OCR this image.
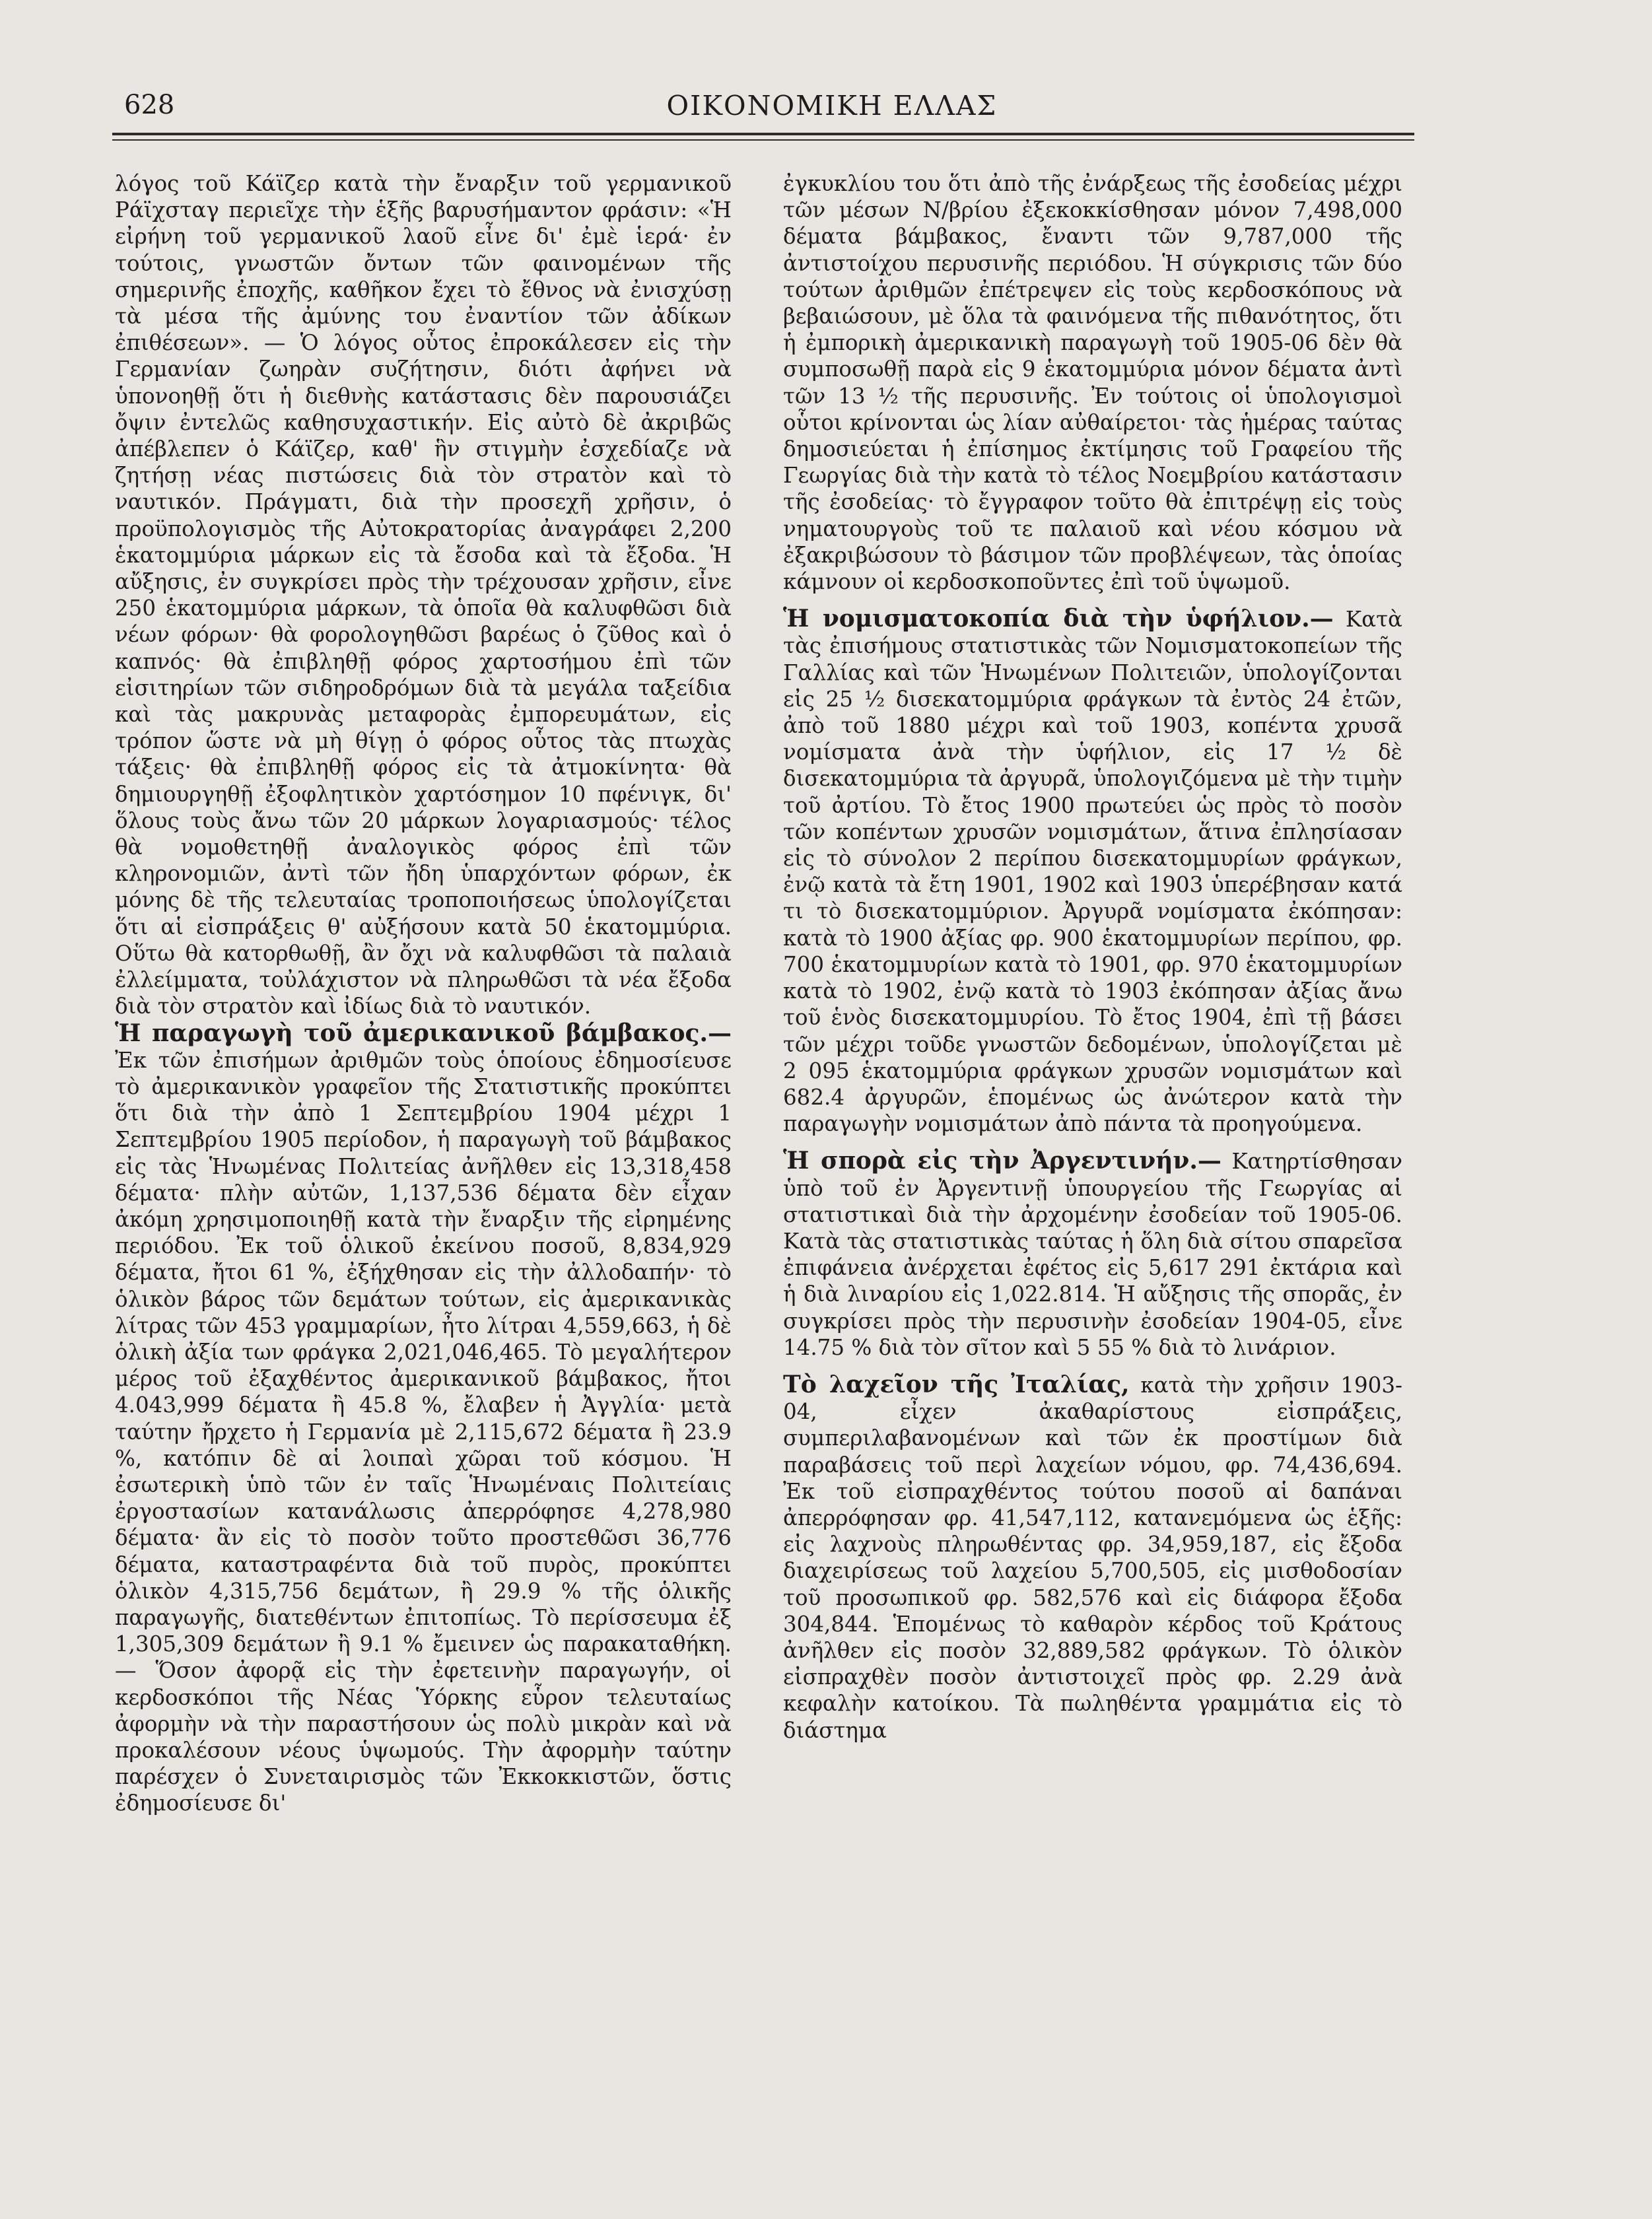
628	ΟΙΚΟΝΟΜΙΚΗ ΕΛΛΑΣ

λόγος τοῦ Κάϊζερ κατὰ τὴν ἔναρξιν τοῦ γερμανικοῦ Ράϊχσταγ περιεῖχε τὴν ἑξῆς βαρυσήμαντον φράσιν: «Ἡ εἰρήνη τοῦ γερμανικοῦ λαοῦ εἶνε δι' ἐμὲ ἱερά· ἐν τούτοις, γνωστῶν ὄντων τῶν φαινομένων τῆς σημερινῆς ἐποχῆς, καθῆκον ἔχει τὸ ἔθνος νὰ ἐνισχύσῃ τὰ μέσα τῆς ἀμύνης του ἐναντίον τῶν ἀδίκων ἐπιθέσεων». — Ὁ λόγος οὗτος ἐπροκάλεσεν εἰς τὴν Γερμανίαν ζωηρὰν συζήτησιν, διότι ἀφήνει νὰ ὑπονοηθῇ ὅτι ἡ διεθνὴς κατάστασις δὲν παρουσιάζει ὄψιν ἐντελῶς καθησυχαστικήν. Εἰς αὐτὸ δὲ ἀκριβῶς ἀπέβλεπεν ὁ Κάϊζερ, καθ' ἣν στιγμὴν ἐσχεδίαζε νὰ ζητήσῃ νέας πιστώσεις διὰ τὸν στρατὸν καὶ τὸ ναυτικόν. Πράγματι, διὰ τὴν προσεχῆ χρῆσιν, ὁ προϋπολογισμὸς τῆς Αὐτοκρατορίας ἀναγράφει 2,200 ἑκατομμύρια μάρκων εἰς τὰ ἔσοδα καὶ τὰ ἔξοδα. Ἡ αὔξησις, ἐν συγκρίσει πρὸς τὴν τρέχουσαν χρῆσιν, εἶνε 250 ἑκατομμύρια μάρκων, τὰ ὁποῖα θὰ καλυφθῶσι διὰ νέων φόρων· θὰ φορολογηθῶσι βαρέως ὁ ζῦθος καὶ ὁ καπνός· θὰ ἐπιβληθῇ φόρος χαρτοσήμου ἐπὶ τῶν εἰσιτηρίων τῶν σιδηροδρόμων διὰ τὰ μεγάλα ταξείδια καὶ τὰς μακρυνὰς μεταφορὰς ἐμπορευμάτων, εἰς τρόπον ὥστε νὰ μὴ θίγῃ ὁ φόρος οὗτος τὰς πτωχὰς τάξεις· θὰ ἐπιβληθῇ φόρος εἰς τὰ ἀτμοκίνητα· θὰ δημιουργηθῇ ἐξοφλητικὸν χαρτόσημον 10 πφένιγκ, δι' ὅλους τοὺς ἄνω τῶν 20 μάρκων λογαριασμούς· τέλος θὰ νομοθετηθῇ ἀναλογικὸς φόρος ἐπὶ τῶν κληρονομιῶν, ἀντὶ τῶν ἤδη ὑπαρχόντων φόρων, ἐκ μόνης δὲ τῆς τελευταίας τροποποιήσεως ὑπολογίζεται ὅτι αἱ εἰσπράξεις θ' αὐξήσουν κατὰ 50 ἑκατομμύρια. Οὕτω θὰ κατορθωθῇ, ἂν ὄχι νὰ καλυφθῶσι τὰ παλαιὰ ἐλλείμματα, τοὐλάχιστον νὰ πληρωθῶσι τὰ νέα ἔξοδα διὰ τὸν στρατὸν καὶ ἰδίως διὰ τὸ ναυτικόν.

Ἡ παραγωγὴ τοῦ ἀμερικανικοῦ βάμβακος.— Ἐκ τῶν ἐπισήμων ἀριθμῶν τοὺς ὁποίους ἐδημοσίευσε τὸ ἀμερικανικὸν γραφεῖον τῆς Στατιστικῆς προκύπτει ὅτι διὰ τὴν ἀπὸ 1 Σεπτεμβρίου 1904 μέχρι 1 Σεπτεμβρίου 1905 περίοδον, ἡ παραγωγὴ τοῦ βάμβακος εἰς τὰς Ἡνωμένας Πολιτείας ἀνῆλθεν εἰς 13,318,458 δέματα· πλὴν αὐτῶν, 1,137,536 δέματα δὲν εἶχαν ἀκόμη χρησιμοποιηθῇ κατὰ τὴν ἔναρξιν τῆς εἰρημένης περιόδου. Ἐκ τοῦ ὁλικοῦ ἐκείνου ποσοῦ, 8,834,929 δέματα, ἤτοι 61 %, ἐξήχθησαν εἰς τὴν ἀλλοδαπήν· τὸ ὁλικὸν βάρος τῶν δεμάτων τούτων, εἰς ἀμερικανικὰς λίτρας τῶν 453 γραμμαρίων, ἦτο λίτραι 4,559,663, ἡ δὲ ὁλικὴ ἀξία των φράγκα 2,021,046,465. Τὸ μεγαλήτερον μέρος τοῦ ἐξαχθέντος ἀμερικανικοῦ βάμβακος, ἤτοι 4.043,999 δέματα ἢ 45.8 %, ἔλαβεν ἡ Ἀγγλία· μετὰ ταύτην ἤρχετο ἡ Γερμανία μὲ 2,115,672 δέματα ἢ 23.9 %, κατόπιν δὲ αἱ λοιπαὶ χῶραι τοῦ κόσμου. Ἡ ἐσωτερικὴ ὑπὸ τῶν ἐν ταῖς Ἡνωμέναις Πολιτείαις ἐργοστασίων κατανάλωσις ἀπερρόφησε 4,278,980 δέματα· ἂν εἰς τὸ ποσὸν τοῦτο προστεθῶσι 36,776 δέματα, καταστραφέντα διὰ τοῦ πυρὸς, προκύπτει ὁλικὸν 4,315,756 δεμάτων, ἢ 29.9 % τῆς ὁλικῆς παραγωγῆς, διατεθέντων ἐπιτοπίως. Τὸ περίσσευμα ἐξ 1,305,309 δεμάτων ἢ 9.1 % ἔμεινεν ὡς παρακαταθήκη.— Ὅσον ἀφορᾷ εἰς τὴν ἐφετεινὴν παραγωγήν, οἱ κερδοσκόποι τῆς Νέας Ὑόρκης εὗρον τελευταίως ἀφορμὴν νὰ τὴν παραστήσουν ὡς πολὺ μικρὰν καὶ νὰ προκαλέσουν νέους ὑψωμούς. Τὴν ἀφορμὴν ταύτην παρέσχεν ὁ Συνεταιρισμὸς τῶν Ἐκκοκκιστῶν, ὅστις ἐδημοσίευσε δι'

ἐγκυκλίου του ὅτι ἀπὸ τῆς ἐνάρξεως τῆς ἐσοδείας μέχρι τῶν μέσων Ν/βρίου ἐξεκοκκίσθησαν μόνον 7,498,000 δέματα βάμβακος, ἔναντι τῶν 9,787,000 τῆς ἀντιστοίχου περυσινῆς περιόδου. Ἡ σύγκρισις τῶν δύο τούτων ἀριθμῶν ἐπέτρεψεν εἰς τοὺς κερδοσκόπους νὰ βεβαιώσουν, μὲ ὅλα τὰ φαινόμενα τῆς πιθανότητος, ὅτι ἡ ἐμπορικὴ ἀμερικανικὴ παραγωγὴ τοῦ 1905-06 δὲν θὰ συμποσωθῇ παρὰ εἰς 9 ἑκατομμύρια μόνον δέματα ἀντὶ τῶν 13 ½ τῆς περυσινῆς. Ἐν τούτοις οἱ ὑπολογισμοὶ οὗτοι κρίνονται ὡς λίαν αὐθαίρετοι· τὰς ἡμέρας ταύτας δημοσιεύεται ἡ ἐπίσημος ἐκτίμησις τοῦ Γραφείου τῆς Γεωργίας διὰ τὴν κατὰ τὸ τέλος Νοεμβρίου κατάστασιν τῆς ἐσοδείας· τὸ ἔγγραφον τοῦτο θὰ ἐπιτρέψῃ εἰς τοὺς νηματουργοὺς τοῦ τε παλαιοῦ καὶ νέου κόσμου νὰ ἐξακριβώσουν τὸ βάσιμον τῶν προβλέψεων, τὰς ὁποίας κάμνουν οἱ κερδοσκοποῦντες ἐπὶ τοῦ ὑψωμοῦ.

Ἡ νομισματοκοπία διὰ τὴν ὑφήλιον.— Κατὰ τὰς ἐπισήμους στατιστικὰς τῶν Νομισματοκοπείων τῆς Γαλλίας καὶ τῶν Ἡνωμένων Πολιτειῶν, ὑπολογίζονται εἰς 25 ½ δισεκατομμύρια φράγκων τὰ ἐντὸς 24 ἐτῶν, ἀπὸ τοῦ 1880 μέχρι καὶ τοῦ 1903, κοπέντα χρυσᾶ νομίσματα ἀνὰ τὴν ὑφήλιον, εἰς 17 ½ δὲ δισεκατομμύρια τὰ ἀργυρᾶ, ὑπολογιζόμενα μὲ τὴν τιμὴν τοῦ ἀρτίου. Τὸ ἔτος 1900 πρωτεύει ὡς πρὸς τὸ ποσὸν τῶν κοπέντων χρυσῶν νομισμάτων, ἅτινα ἐπλησίασαν εἰς τὸ σύνολον 2 περίπου δισεκατομμυρίων φράγκων, ἐνῷ κατὰ τὰ ἔτη 1901, 1902 καὶ 1903 ὑπερέβησαν κατά τι τὸ δισεκατομμύριον. Ἀργυρᾶ νομίσματα ἐκόπησαν: κατὰ τὸ 1900 ἀξίας φρ. 900 ἑκατομμυρίων περίπου, φρ. 700 ἑκατομμυρίων κατὰ τὸ 1901, φρ. 970 ἑκατομμυρίων κατὰ τὸ 1902, ἐνῷ κατὰ τὸ 1903 ἐκόπησαν ἀξίας ἄνω τοῦ ἑνὸς δισεκατομμυρίου. Τὸ ἔτος 1904, ἐπὶ τῇ βάσει τῶν μέχρι τοῦδε γνωστῶν δεδομένων, ὑπολογίζεται μὲ 2 095 ἑκατομμύρια φράγκων χρυσῶν νομισμάτων καὶ 682.4 ἀργυρῶν, ἑπομένως ὡς ἀνώτερον κατὰ τὴν παραγωγὴν νομισμάτων ἀπὸ πάντα τὰ προηγούμενα.

Ἡ σπορὰ εἰς τὴν Ἀργεντινήν.— Κατηρτίσθησαν ὑπὸ τοῦ ἐν Ἀργεντινῇ ὑπουργείου τῆς Γεωργίας αἱ στατιστικαὶ διὰ τὴν ἀρχομένην ἐσοδείαν τοῦ 1905-06. Κατὰ τὰς στατιστικὰς ταύτας ἡ ὅλη διὰ σίτου σπαρεῖσα ἐπιφάνεια ἀνέρχεται ἐφέτος εἰς 5,617 291 ἐκτάρια καὶ ἡ διὰ λιναρίου εἰς 1,022.814. Ἡ αὔξησις τῆς σπορᾶς, ἐν συγκρίσει πρὸς τὴν περυσινὴν ἐσοδείαν 1904-05, εἶνε 14.75 % διὰ τὸν σῖτον καὶ 5 55 % διὰ τὸ λινάριον.

Τὸ λαχεῖον τῆς Ἰταλίας, κατὰ τὴν χρῆσιν 1903-04, εἶχεν ἀκαθαρίστους εἰσπράξεις, συμπεριλαβανομένων καὶ τῶν ἐκ προστίμων διὰ παραβάσεις τοῦ περὶ λαχείων νόμου, φρ. 74,436,694. Ἐκ τοῦ εἰσπραχθέντος τούτου ποσοῦ αἱ δαπάναι ἀπερρόφησαν φρ. 41,547,112, κατανεμόμενα ὡς ἑξῆς: εἰς λαχνοὺς πληρωθέντας φρ. 34,959,187, εἰς ἔξοδα διαχειρίσεως τοῦ λαχείου 5,700,505, εἰς μισθοδοσίαν τοῦ προσωπικοῦ φρ. 582,576 καὶ εἰς διάφορα ἔξοδα 304,844. Ἑπομένως τὸ καθαρὸν κέρδος τοῦ Κράτους ἀνῆλθεν εἰς ποσὸν 32,889,582 φράγκων. Τὸ ὁλικὸν εἰσπραχθὲν ποσὸν ἀντιστοιχεῖ πρὸς φρ. 2.29 ἀνὰ κεφαλὴν κατοίκου. Τὰ πωληθέντα γραμμάτια εἰς τὸ διάστημα
